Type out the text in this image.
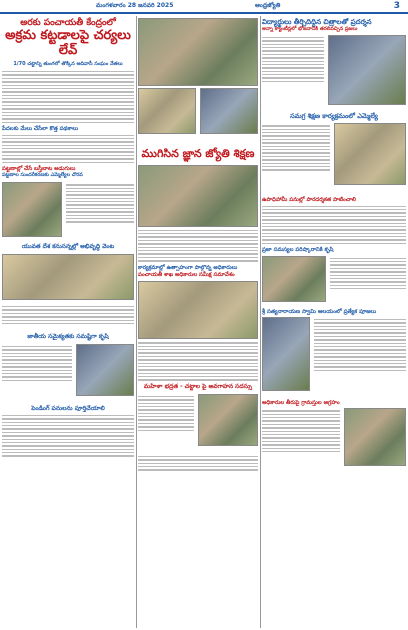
మంగళవారం 28 జనవరి 2025	ఆంధ్రజ్యోతి	3
అరకు పంచాయతీ కేంద్రంలో
అక్రమ కట్టడాలపై చర్యలు లేవ్
1/70 చట్టాన్ని తుంగలో తొక్కిన ఆదివాసీ సంఘం నేతలు
పేదలకు మేలు చేసేలా కొత్త పథకాలు
పట్టణాల్లో చేసే బస్తీబాట అడుగులు
పట్టణాల సుందరీకరణకు ఎమ్మెల్యేల చొరవ
యువత దేశ కనుసన్నల్లో అభివృద్ధి వెంట
జాతీయ సమైక్యతకు సమష్టిగా కృషి
పెండింగ్ పనులను పూర్తిచేయాలి
ముగిసిన జ్ఞాన జ్యోతి శిక్షణ
కార్యక్రమాల్లో ఉత్సాహంగా పాల్గొన్న అధికారులు
పంచాయతీ శాఖ అధికారుల సమీక్ష సమావేశం
మహిళా భద్రత - చట్టాల పై అవగాహన సదస్సు
విద్యార్థులు తీర్చిదిద్దిన చిత్రాలతో ప్రదర్శన
అన్నా క్యాంటీన్లలో భోజనానికి తరలివచ్చిన ప్రజలు
సమగ్ర శిక్షణ కార్యక్రమంలో ఎమ్మెల్యే
ఉపాధిహామీ పనుల్లో పారదర్శకత పాటించాలి
ప్రజా సమస్యల పరిష్కారానికి కృషి
శ్రీ సత్యనారాయణ స్వామి ఆలయంలో ప్రత్యేక పూజలు
అధికారుల తీరుపై గ్రామస్తుల ఆగ్రహం
